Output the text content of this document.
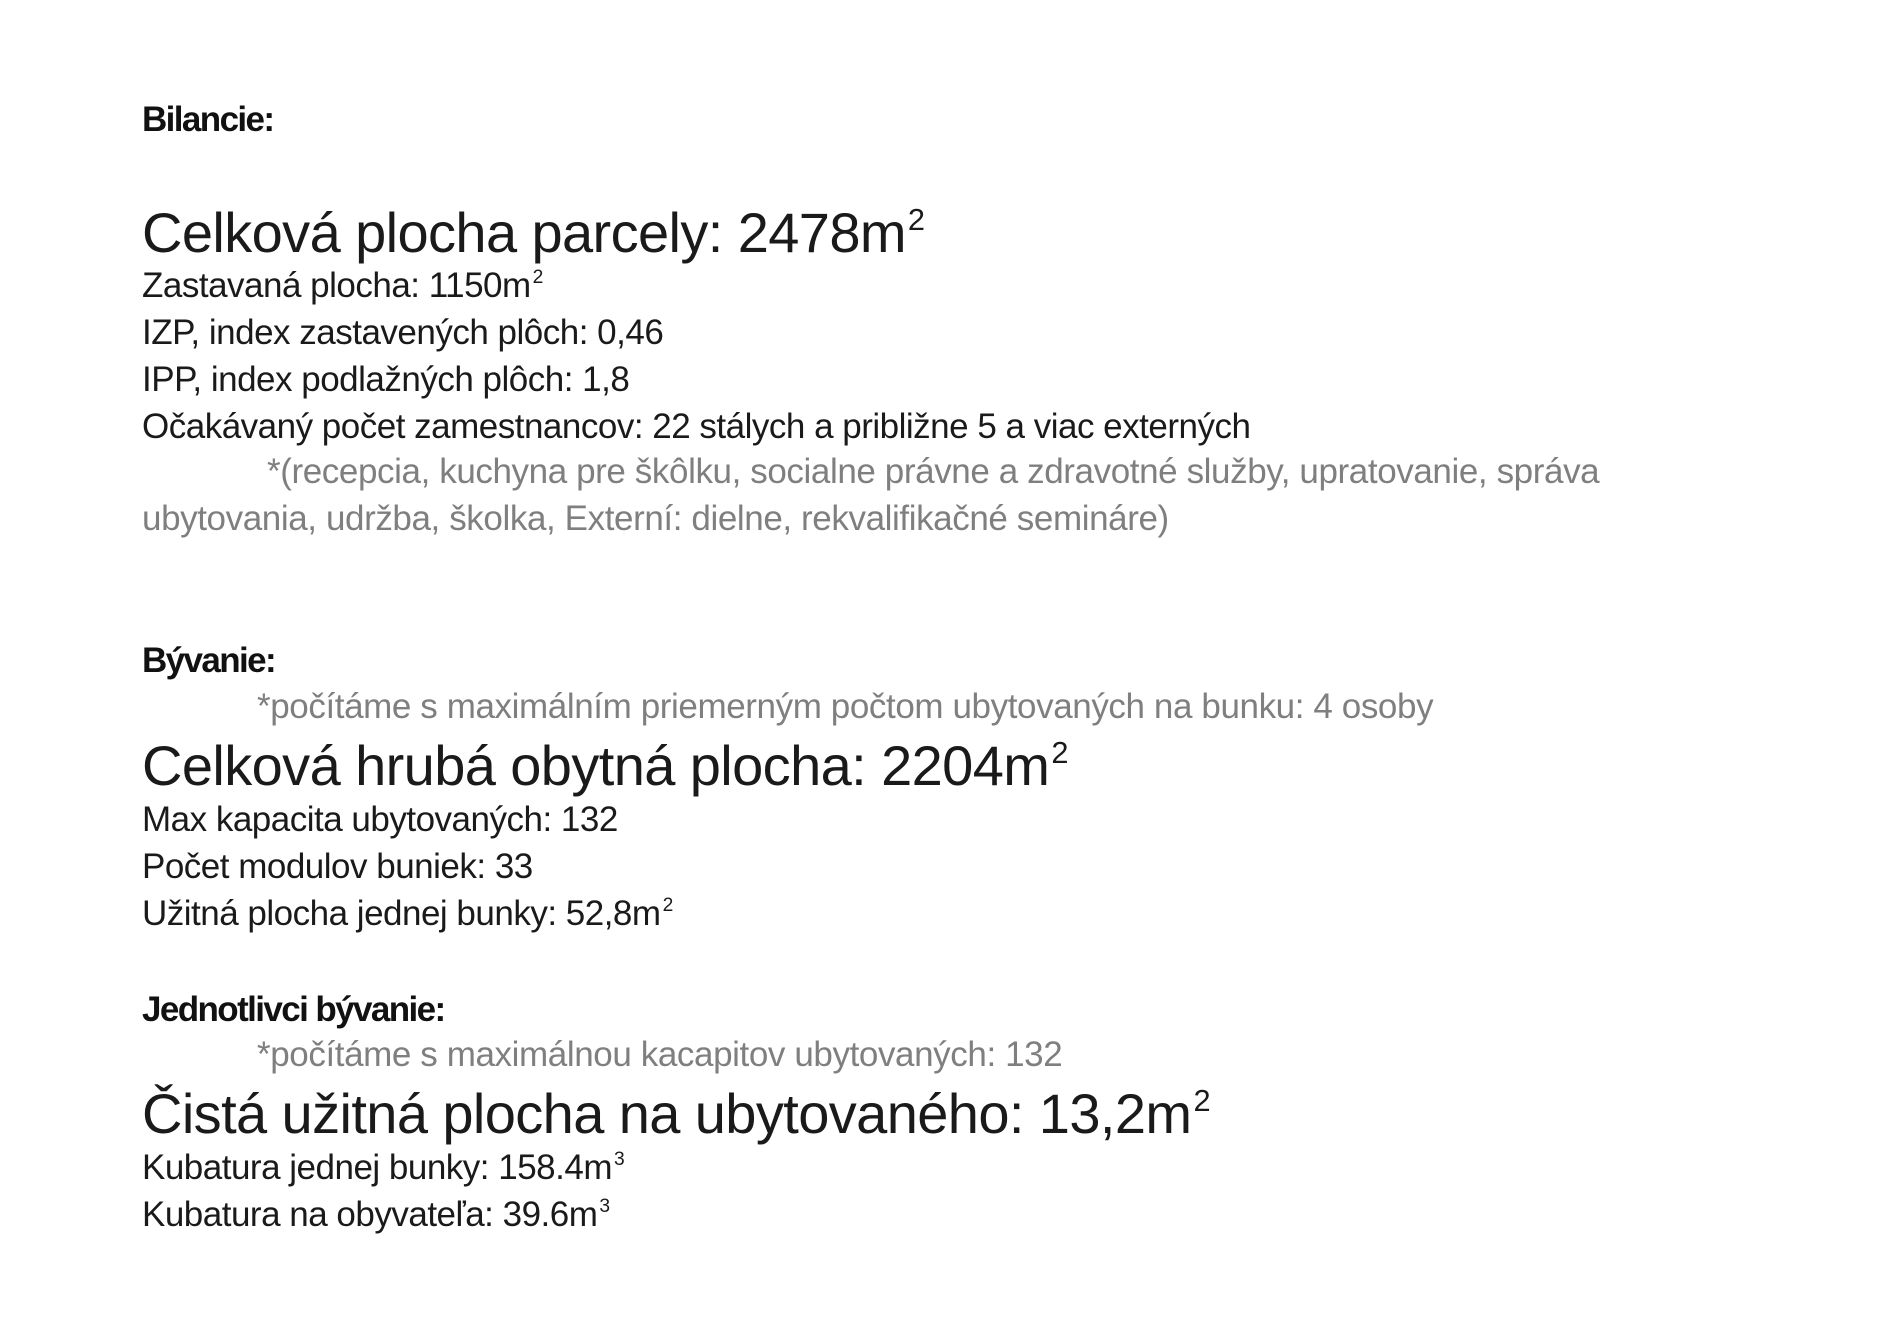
Bilancie:
Celková plocha parcely: $2478m^2$
Zastavaná plocha: 1150m $^2$
IZP, index zastavených plôch: 0,46
IPP, index podlažných plôch: 1,8
Očakávaný počet zamestnancov: 22 stálych a približne 5 a viac externých
*(recepcia, kuchyna pre škôlku, socialne právne a zdravotné služby, upratovanie, správa ubytovania, udržba, školka, Externí: dielne, rekvalifikačné semináre)
Bývanie:
*počítáme s maximálním priemerným počtom ubytovaných na bunku: 4 osoby
Celková hrubá obytná plocha: $2204m^2$
Max kapacita ubytovaných: 132
Počet modulov buniek: 33
Užitná plocha jednej bunky: 52,8m $^2$
Jednotlivci bývanie:
*počítáme s maximálnou kacapitov ubytovaných: 132
Čistá užitná plocha na ubytovaného: $13,2m^2$
Kubatura jednej bunky: 158.4m $^3$
Kubatura na obyvateľa: 39.6m $^3$
